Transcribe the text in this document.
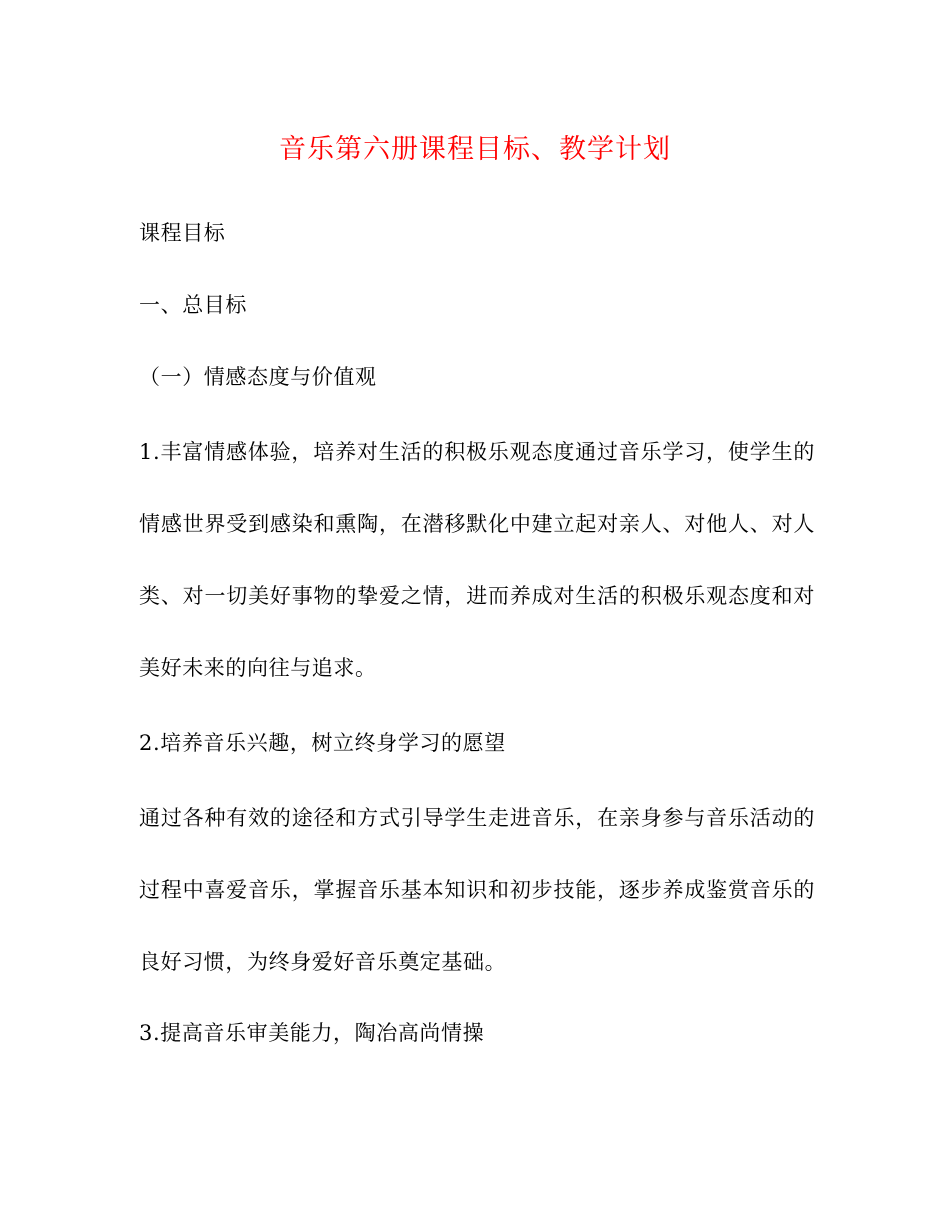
音乐第六册课程目标、教学计划

课程目标

一、总目标

（一）情感态度与价值观

1.丰富情感体验，培养对生活的积极乐观态度通过音乐学习，使学生的情感世界受到感染和熏陶，在潜移默化中建立起对亲人、对他人、对人类、对一切美好事物的挚爱之情，进而养成对生活的积极乐观态度和对美好未来的向往与追求。

2.培养音乐兴趣，树立终身学习的愿望

通过各种有效的途径和方式引导学生走进音乐，在亲身参与音乐活动的过程中喜爱音乐，掌握音乐基本知识和初步技能，逐步养成鉴赏音乐的良好习惯，为终身爱好音乐奠定基础。

3.提高音乐审美能力，陶冶高尚情操
